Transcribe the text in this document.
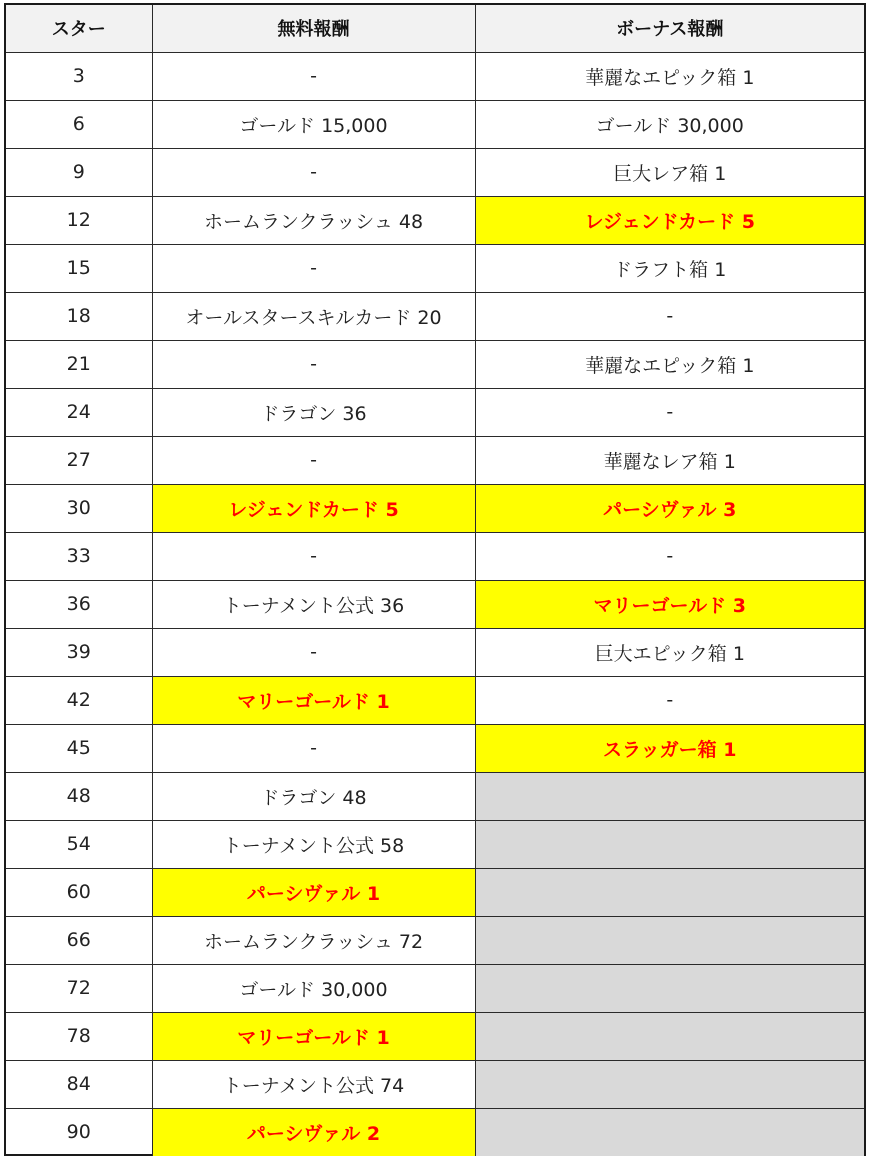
スター	無料報酬	ボーナス報酬
3	-	華麗なエピック箱 1
6	ゴールド 15,000	ゴールド 30,000
9	-	巨大レア箱 1
12	ホームランクラッシュ 48	レジェンドカード 5
15	-	ドラフト箱 1
18	オールスタースキルカード 20	-
21	-	華麗なエピック箱 1
24	ドラゴン 36	-
27	-	華麗なレア箱 1
30	レジェンドカード 5	パーシヴァル 3
33	-	-
36	トーナメント公式 36	マリーゴールド 3
39	-	巨大エピック箱 1
42	マリーゴールド 1	-
45	-	スラッガー箱 1
48	ドラゴン 48	
54	トーナメント公式 58	
60	パーシヴァル 1	
66	ホームランクラッシュ 72	
72	ゴールド 30,000	
78	マリーゴールド 1	
84	トーナメント公式 74	
90	パーシヴァル 2	
